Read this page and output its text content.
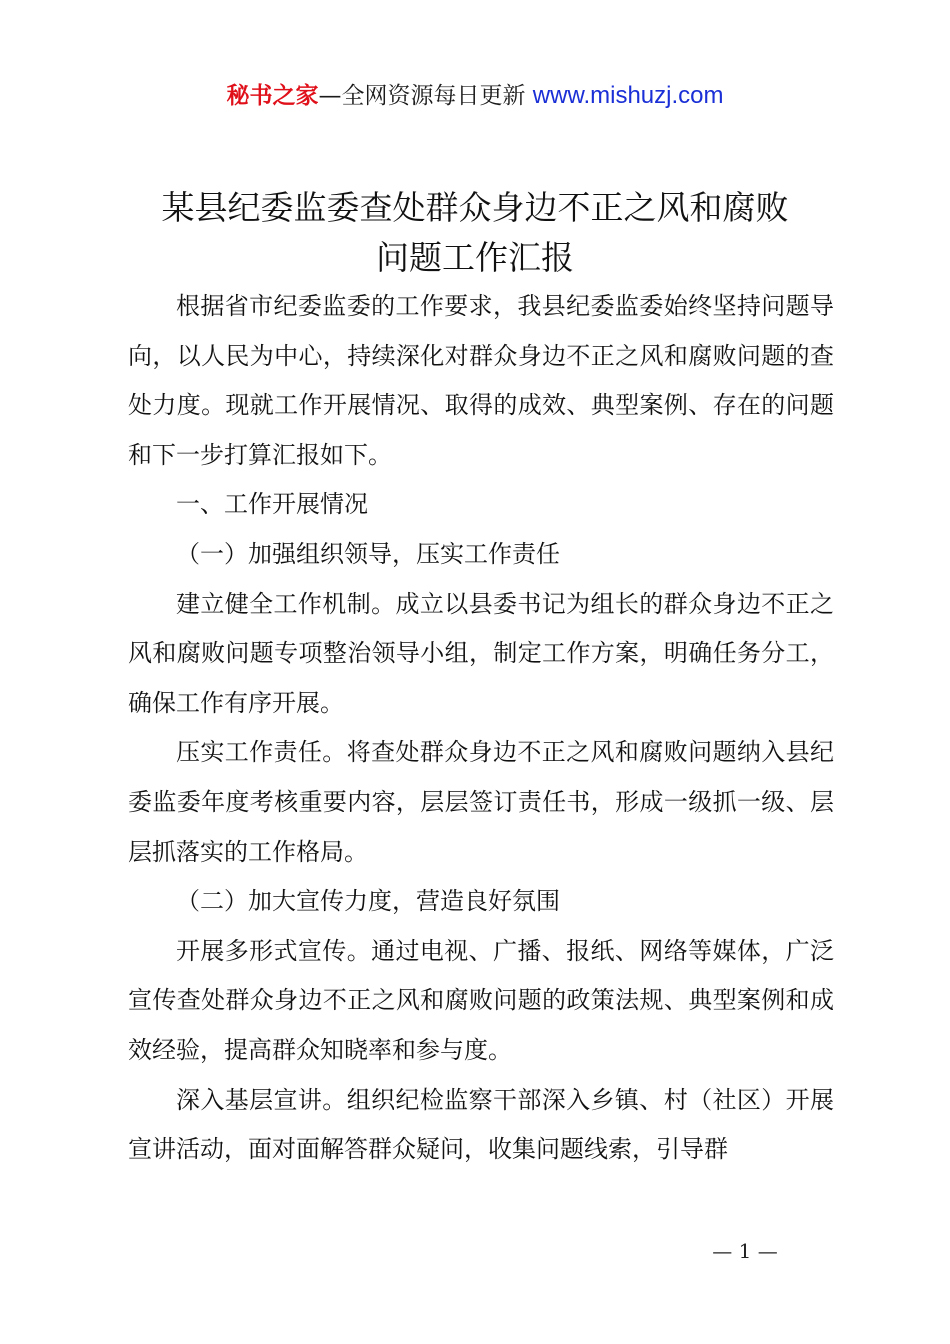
秘书之家—全网资源每日更新 www.mishuzj.com
某县纪委监委查处群众身边不正之风和腐败
问题工作汇报

根据省市纪委监委的工作要求，我县纪委监委始终坚持问题导向，以人民为中心，持续深化对群众身边不正之风和腐败问题的查处力度。现就工作开展情况、取得的成效、典型案例、存在的问题和下一步打算汇报如下。

一、工作开展情况

（一）加强组织领导，压实工作责任

建立健全工作机制。成立以县委书记为组长的群众身边不正之风和腐败问题专项整治领导小组，制定工作方案，明确任务分工，确保工作有序开展。

压实工作责任。将查处群众身边不正之风和腐败问题纳入县纪委监委年度考核重要内容，层层签订责任书，形成一级抓一级、层层抓落实的工作格局。

（二）加大宣传力度，营造良好氛围

开展多形式宣传。通过电视、广播、报纸、网络等媒体，广泛宣传查处群众身边不正之风和腐败问题的政策法规、典型案例和成效经验，提高群众知晓率和参与度。

深入基层宣讲。组织纪检监察干部深入乡镇、村（社区）开展宣讲活动，面对面解答群众疑问，收集问题线索，引导群

— 1 —
